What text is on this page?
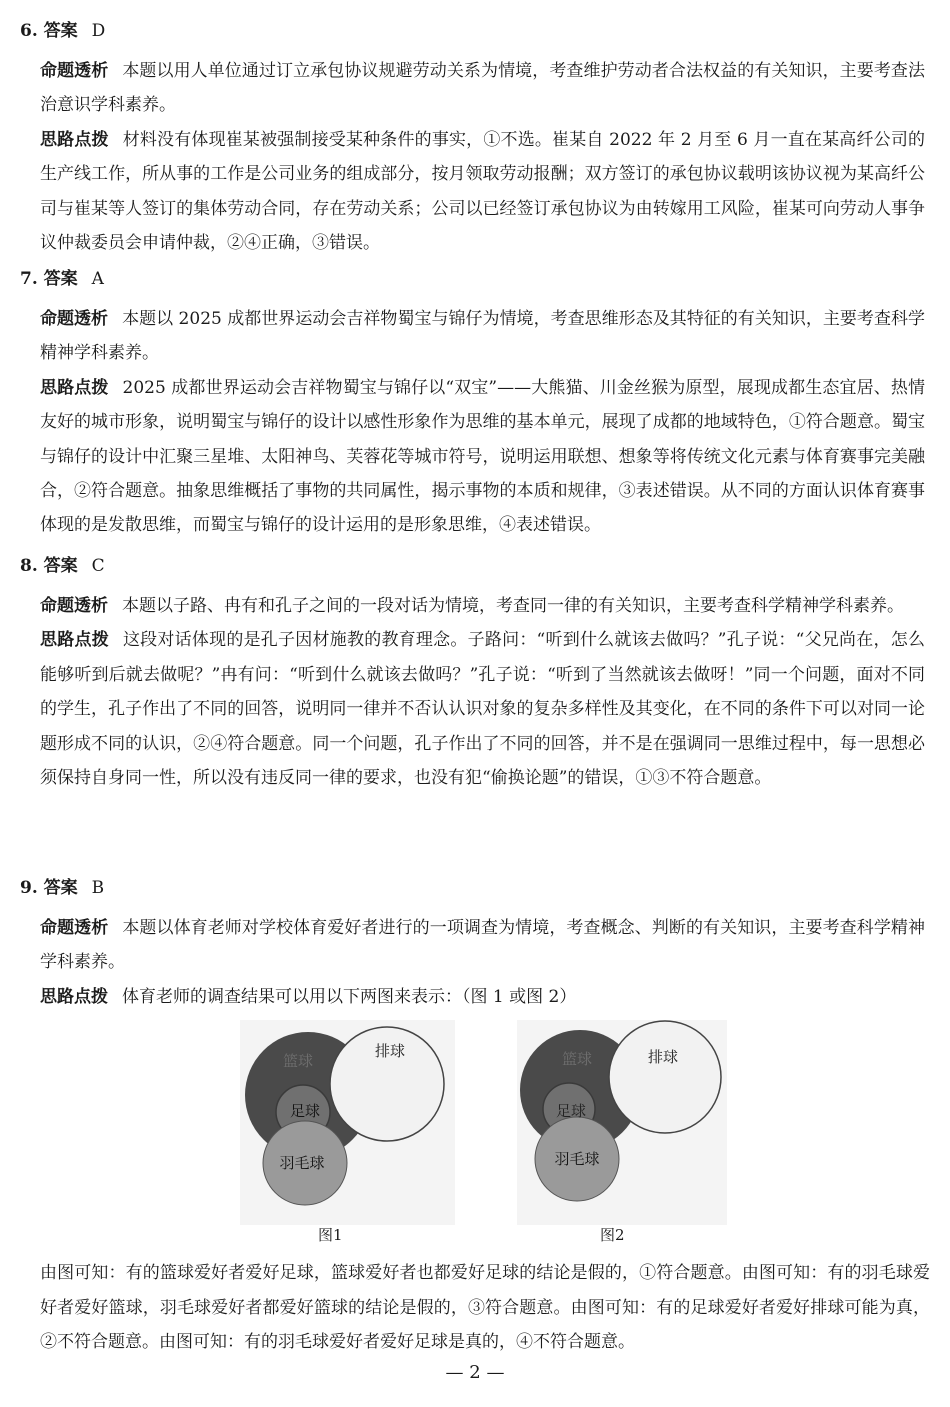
6. 答案 D
命题透析 本题以用人单位通过订立承包协议规避劳动关系为情境，考查维护劳动者合法权益的有关知识，主要考查法治意识学科素养。
思路点拨 材料没有体现崔某被强制接受某种条件的事实，①不选。崔某自 2022 年 2 月至 6 月一直在某高纤公司的生产线工作，所从事的工作是公司业务的组成部分，按月领取劳动报酬；双方签订的承包协议载明该协议视为某高纤公司与崔某等人签订的集体劳动合同，存在劳动关系；公司以已经签订承包协议为由转嫁用工风险，崔某可向劳动人事争议仲裁委员会申请仲裁，②④正确，③错误。
7. 答案 A
命题透析 本题以 2025 成都世界运动会吉祥物蜀宝与锦仔为情境，考查思维形态及其特征的有关知识，主要考查科学精神学科素养。
思路点拨 2025 成都世界运动会吉祥物蜀宝与锦仔以“双宝”——大熊猫、川金丝猴为原型，展现成都生态宜居、热情友好的城市形象，说明蜀宝与锦仔的设计以感性形象作为思维的基本单元，展现了成都的地域特色，①符合题意。蜀宝与锦仔的设计中汇聚三星堆、太阳神鸟、芙蓉花等城市符号，说明运用联想、想象等将传统文化元素与体育赛事完美融合，②符合题意。抽象思维概括了事物的共同属性，揭示事物的本质和规律，③表述错误。从不同的方面认识体育赛事体现的是发散思维，而蜀宝与锦仔的设计运用的是形象思维，④表述错误。
8. 答案 C
命题透析 本题以子路、冉有和孔子之间的一段对话为情境，考查同一律的有关知识，主要考查科学精神学科素养。
思路点拨 这段对话体现的是孔子因材施教的教育理念。子路问：“听到什么就该去做吗？”孔子说：“父兄尚在，怎么能够听到后就去做呢？”冉有问：“听到什么就该去做吗？”孔子说：“听到了当然就该去做呀！”同一个问题，面对不同的学生，孔子作出了不同的回答，说明同一律并不否认认识对象的复杂多样性及其变化，在不同的条件下可以对同一论题形成不同的认识，②④符合题意。同一个问题，孔子作出了不同的回答，并不是在强调同一思维过程中，每一思想必须保持自身同一性，所以没有违反同一律的要求，也没有犯“偷换论题”的错误，①③不符合题意。
9. 答案 B
命题透析 本题以体育老师对学校体育爱好者进行的一项调查为情境，考查概念、判断的有关知识，主要考查科学精神学科素养。
思路点拨 体育老师的调查结果可以用以下两图来表示：（图 1 或图 2）
篮球
排球
足球
羽毛球
图1
篮球	排球
足球
羽毛球
图2
由图可知：有的篮球爱好者爱好足球，篮球爱好者也都爱好足球的结论是假的，①符合题意。由图可知：有的羽毛球爱好者爱好篮球，羽毛球爱好者都爱好篮球的结论是假的，③符合题意。由图可知：有的足球爱好者爱好排球可能为真，②不符合题意。由图可知：有的羽毛球爱好者爱好足球是真的，④不符合题意。
— 2 —
